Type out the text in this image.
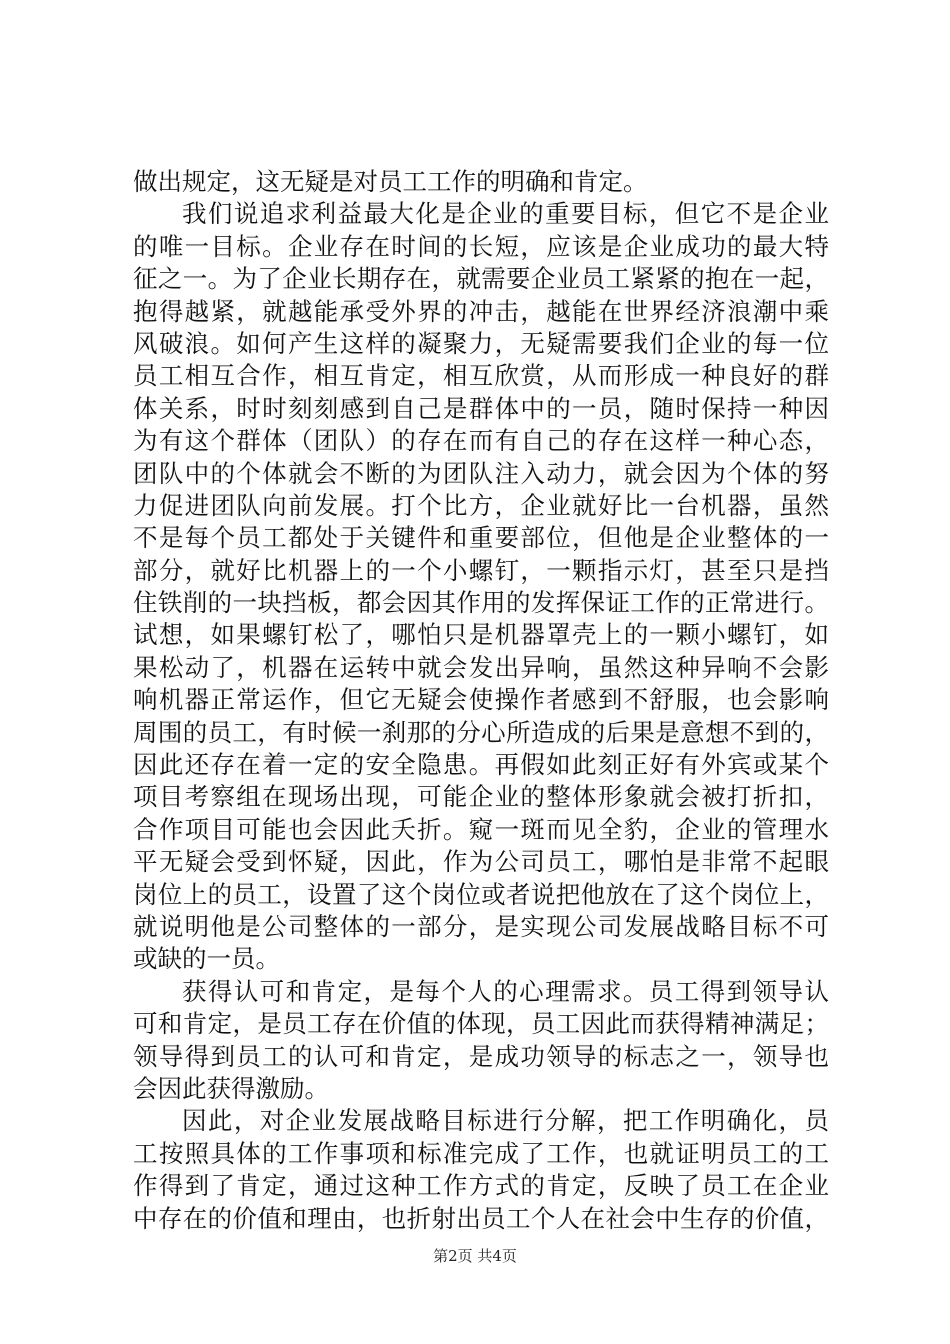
做出规定，这无疑是对员工工作的明确和肯定。
我们说追求利益最大化是企业的重要目标，但它不是企业
的唯一目标。企业存在时间的长短，应该是企业成功的最大特
征之一。为了企业长期存在，就需要企业员工紧紧的抱在一起，
抱得越紧，就越能承受外界的冲击，越能在世界经济浪潮中乘
风破浪。如何产生这样的凝聚力，无疑需要我们企业的每一位
员工相互合作，相互肯定，相互欣赏，从而形成一种良好的群
体关系，时时刻刻感到自己是群体中的一员，随时保持一种因
为有这个群体（团队）的存在而有自己的存在这样一种心态，
团队中的个体就会不断的为团队注入动力，就会因为个体的努
力促进团队向前发展。打个比方，企业就好比一台机器，虽然
不是每个员工都处于关键件和重要部位，但他是企业整体的一
部分，就好比机器上的一个小螺钉，一颗指示灯，甚至只是挡
住铁削的一块挡板，都会因其作用的发挥保证工作的正常进行。
试想，如果螺钉松了，哪怕只是机器罩壳上的一颗小螺钉，如
果松动了，机器在运转中就会发出异响，虽然这种异响不会影
响机器正常运作，但它无疑会使操作者感到不舒服，也会影响
周围的员工，有时候一刹那的分心所造成的后果是意想不到的，
因此还存在着一定的安全隐患。再假如此刻正好有外宾或某个
项目考察组在现场出现，可能企业的整体形象就会被打折扣，
合作项目可能也会因此夭折。窥一斑而见全豹，企业的管理水
平无疑会受到怀疑，因此，作为公司员工，哪怕是非常不起眼
岗位上的员工，设置了这个岗位或者说把他放在了这个岗位上，
就说明他是公司整体的一部分，是实现公司发展战略目标不可
或缺的一员。
获得认可和肯定，是每个人的心理需求。员工得到领导认
可和肯定，是员工存在价值的体现，员工因此而获得精神满足；
领导得到员工的认可和肯定，是成功领导的标志之一，领导也
会因此获得激励。
因此，对企业发展战略目标进行分解，把工作明确化，员
工按照具体的工作事项和标准完成了工作，也就证明员工的工
作得到了肯定，通过这种工作方式的肯定，反映了员工在企业
中存在的价值和理由，也折射出员工个人在社会中生存的价值，
第2页 共4页
